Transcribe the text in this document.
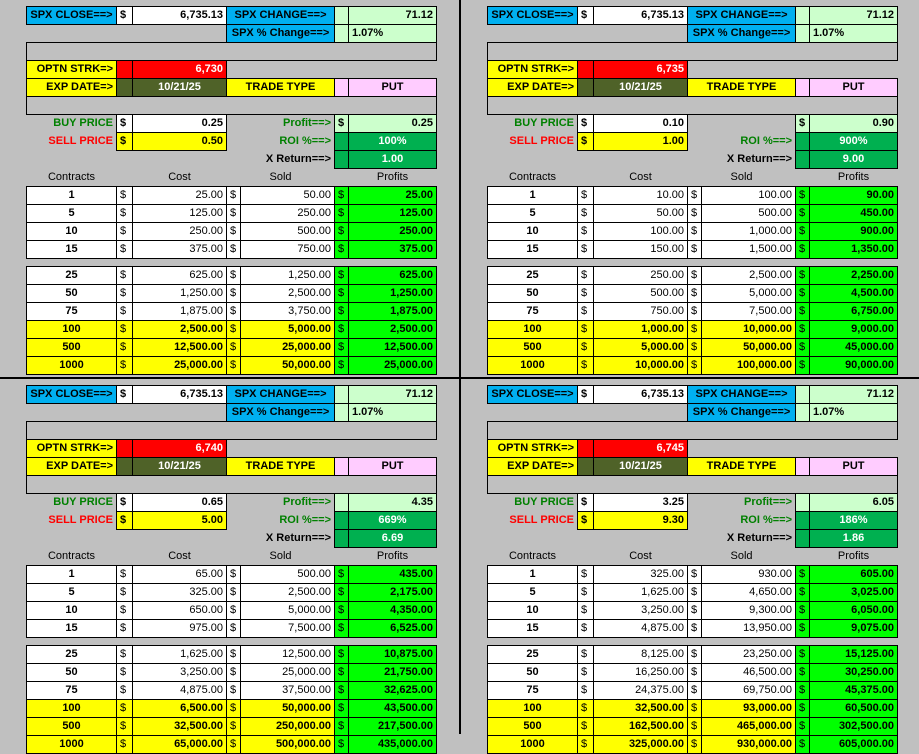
SPX CLOSE==>	$	6,735.13	SPX CHANGE==>		71.12
			SPX % Change==>		1.07%

OPTN STRK=>		6,730			
EXP DATE=>		10/21/25	TRADE TYPE		PUT

BUY PRICE	$	0.25	Profit==>	$	0.25
SELL PRICE	$	0.50	ROI %==>		100%
			X Return==>		1.00
Contracts		Cost	Sold		Profits
1	$	25.00	$	50.00	$	25.00
5	$	125.00	$	250.00	$	125.00
10	$	250.00	$	500.00	$	250.00
15	$	375.00	$	750.00	$	375.00

25	$	625.00	$	1,250.00	$	625.00
50	$	1,250.00	$	2,500.00	$	1,250.00
75	$	1,875.00	$	3,750.00	$	1,875.00
100	$	2,500.00	$	5,000.00	$	2,500.00
500	$	12,500.00	$	25,000.00	$	12,500.00
1000	$	25,000.00	$	50,000.00	$	25,000.00
SPX CLOSE==>	$	6,735.13	SPX CHANGE==>		71.12
			SPX % Change==>		1.07%

OPTN STRK=>		6,735			
EXP DATE=>		10/21/25	TRADE TYPE		PUT

BUY PRICE	$	0.10		$	0.90
SELL PRICE	$	1.00	ROI %==>		900%
			X Return==>		9.00
Contracts		Cost	Sold		Profits
1	$	10.00	$	100.00	$	90.00
5	$	50.00	$	500.00	$	450.00
10	$	100.00	$	1,000.00	$	900.00
15	$	150.00	$	1,500.00	$	1,350.00

25	$	250.00	$	2,500.00	$	2,250.00
50	$	500.00	$	5,000.00	$	4,500.00
75	$	750.00	$	7,500.00	$	6,750.00
100	$	1,000.00	$	10,000.00	$	9,000.00
500	$	5,000.00	$	50,000.00	$	45,000.00
1000	$	10,000.00	$	100,000.00	$	90,000.00
SPX CLOSE==>	$	6,735.13	SPX CHANGE==>		71.12
			SPX % Change==>		1.07%

OPTN STRK=>		6,740			
EXP DATE=>		10/21/25	TRADE TYPE		PUT

BUY PRICE	$	0.65	Profit==>		4.35
SELL PRICE	$	5.00	ROI %==>		669%
			X Return==>		6.69
Contracts		Cost	Sold		Profits
1	$	65.00	$	500.00	$	435.00
5	$	325.00	$	2,500.00	$	2,175.00
10	$	650.00	$	5,000.00	$	4,350.00
15	$	975.00	$	7,500.00	$	6,525.00

25	$	1,625.00	$	12,500.00	$	10,875.00
50	$	3,250.00	$	25,000.00	$	21,750.00
75	$	4,875.00	$	37,500.00	$	32,625.00
100	$	6,500.00	$	50,000.00	$	43,500.00
500	$	32,500.00	$	250,000.00	$	217,500.00
1000	$	65,000.00	$	500,000.00	$	435,000.00
SPX CLOSE==>	$	6,735.13	SPX CHANGE==>		71.12
			SPX % Change==>		1.07%

OPTN STRK=>		6,745			
EXP DATE=>		10/21/25	TRADE TYPE		PUT

BUY PRICE	$	3.25	Profit==>		6.05
SELL PRICE	$	9.30	ROI %==>		186%
			X Return==>		1.86
Contracts		Cost	Sold		Profits
1	$	325.00	$	930.00	$	605.00
5	$	1,625.00	$	4,650.00	$	3,025.00
10	$	3,250.00	$	9,300.00	$	6,050.00
15	$	4,875.00	$	13,950.00	$	9,075.00

25	$	8,125.00	$	23,250.00	$	15,125.00
50	$	16,250.00	$	46,500.00	$	30,250.00
75	$	24,375.00	$	69,750.00	$	45,375.00
100	$	32,500.00	$	93,000.00	$	60,500.00
500	$	162,500.00	$	465,000.00	$	302,500.00
1000	$	325,000.00	$	930,000.00	$	605,000.00
